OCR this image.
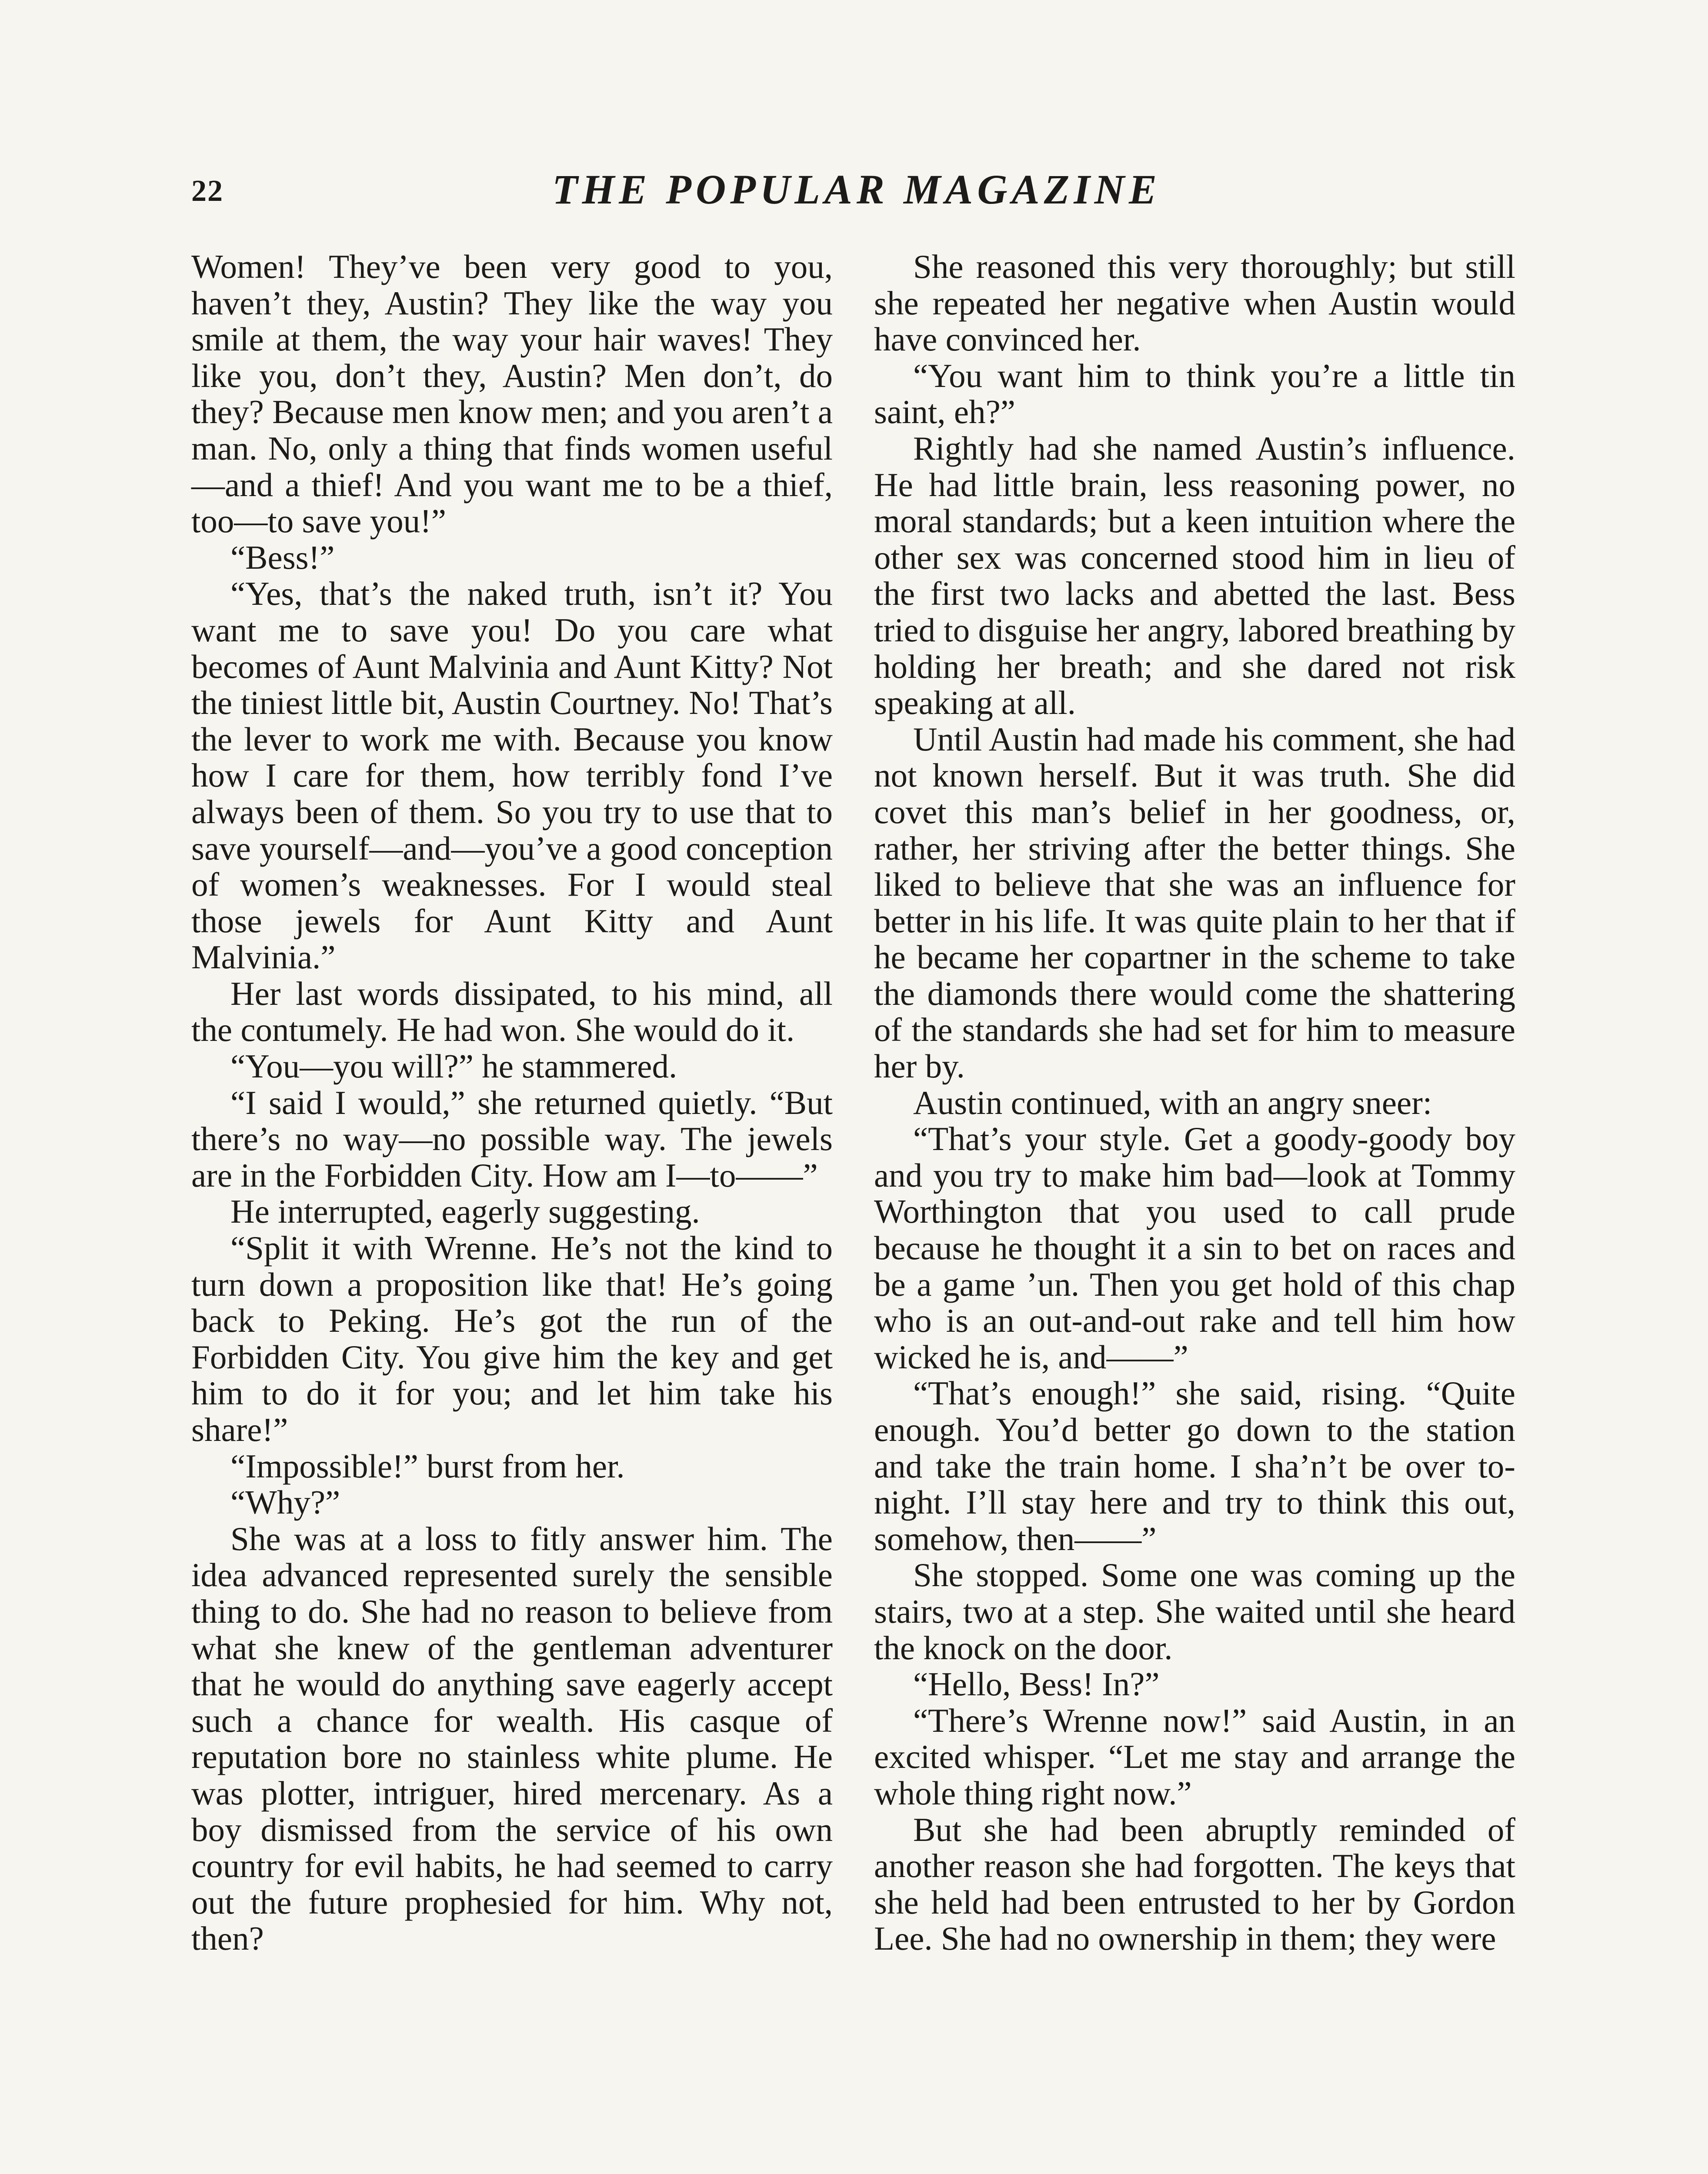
22	THE POPULAR MAGAZINE

Women! They’ve been very good to you, haven’t they, Austin? They like the way you smile at them, the way your hair waves! They like you, don’t they, Austin? Men don’t, do they? Because men know men; and you aren’t a man. No, only a thing that finds women useful—and a thief! And you want me to be a thief, too—to save you!”

“Bess!”

“Yes, that’s the naked truth, isn’t it? You want me to save you! Do you care what becomes of Aunt Malvinia and Aunt Kitty? Not the tiniest little bit, Austin Courtney. No! That’s the lever to work me with. Because you know how I care for them, how terribly fond I’ve always been of them. So you try to use that to save yourself—and—you’ve a good conception of women’s weaknesses. For I would steal those jewels for Aunt Kitty and Aunt Malvinia.”

Her last words dissipated, to his mind, all the contumely. He had won. She would do it.

“You—you will?” he stammered.

“I said I would,” she returned quietly. “But there’s no way—no possible way. The jewels are in the Forbidden City. How am I—to——”

He interrupted, eagerly suggesting.

“Split it with Wrenne. He’s not the kind to turn down a proposition like that! He’s going back to Peking. He’s got the run of the Forbidden City. You give him the key and get him to do it for you; and let him take his share!”

“Impossible!” burst from her.

“Why?”

She was at a loss to fitly answer him. The idea advanced represented surely the sensible thing to do. She had no reason to believe from what she knew of the gentleman adventurer that he would do anything save eagerly accept such a chance for wealth. His casque of reputation bore no stainless white plume. He was plotter, intriguer, hired mercenary. As a boy dismissed from the service of his own country for evil habits, he had seemed to carry out the future prophesied for him. Why not, then?

She reasoned this very thoroughly; but still she repeated her negative when Austin would have convinced her.

“You want him to think you’re a little tin saint, eh?”

Rightly had she named Austin’s influence. He had little brain, less reasoning power, no moral standards; but a keen intuition where the other sex was concerned stood him in lieu of the first two lacks and abetted the last. Bess tried to disguise her angry, labored breathing by holding her breath; and she dared not risk speaking at all.

Until Austin had made his comment, she had not known herself. But it was truth. She did covet this man’s belief in her goodness, or, rather, her striving after the better things. She liked to believe that she was an influence for better in his life. It was quite plain to her that if he became her copartner in the scheme to take the diamonds there would come the shattering of the standards she had set for him to measure her by.

Austin continued, with an angry sneer:

“That’s your style. Get a goody-goody boy and you try to make him bad—look at Tommy Worthington that you used to call prude because he thought it a sin to bet on races and be a game ’un. Then you get hold of this chap who is an out-and-out rake and tell him how wicked he is, and——”

“That’s enough!” she said, rising. “Quite enough. You’d better go down to the station and take the train home. I sha’n’t be over to-night. I’ll stay here and try to think this out, somehow, then——”

She stopped. Some one was coming up the stairs, two at a step. She waited until she heard the knock on the door.

“Hello, Bess! In?”

“There’s Wrenne now!” said Austin, in an excited whisper. “Let me stay and arrange the whole thing right now.”

But she had been abruptly reminded of another reason she had forgotten. The keys that she held had been entrusted to her by Gordon Lee. She had no ownership in them; they were
